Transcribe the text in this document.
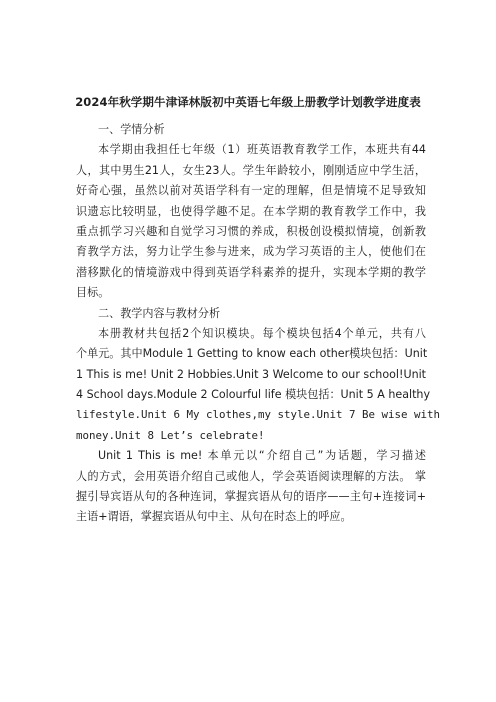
2024年秋学期牛津译林版初中英语七年级上册教学计划教学进度表
一、学情分析
本学期由我担任七年级（1）班英语教育教学工作，本班共有44
人，其中男生21人，女生23人。学生年龄较小，刚刚适应中学生活，
好奇心强，虽然以前对英语学科有一定的理解，但是情境不足导致知
识遗忘比较明显，也使得学趣不足。在本学期的教育教学工作中，我
重点抓学习兴趣和自觉学习习惯的养成，积极创设模拟情境，创新教
育教学方法，努力让学生参与进来，成为学习英语的主人，使他们在
潜移默化的情境游戏中得到英语学科素养的提升，实现本学期的教学
目标。
二、教学内容与教材分析
本册教材共包括2个知识模块。每个模块包括4个单元，共有八
个单元。其中Module 1 Getting to know each other模块包括：Unit
1 This is me! Unit 2 Hobbies.Unit 3 Welcome to our school!Unit
4 School days.Module 2 Colourful life 模块包括：Unit 5 A healthy
lifestyle.Unit 6 My clothes,my style.Unit 7 Be wise with
money.Unit 8 Let’s celebrate!
Unit 1 This is me! 本单元以“介绍自己”为话题，学习描述
人的方式，会用英语介绍自己或他人，学会英语阅读理解的方法。 掌
握引导宾语从句的各种连词，掌握宾语从句的语序——主句+连接词+
主语+谓语，掌握宾语从句中主、从句在时态上的呼应。
